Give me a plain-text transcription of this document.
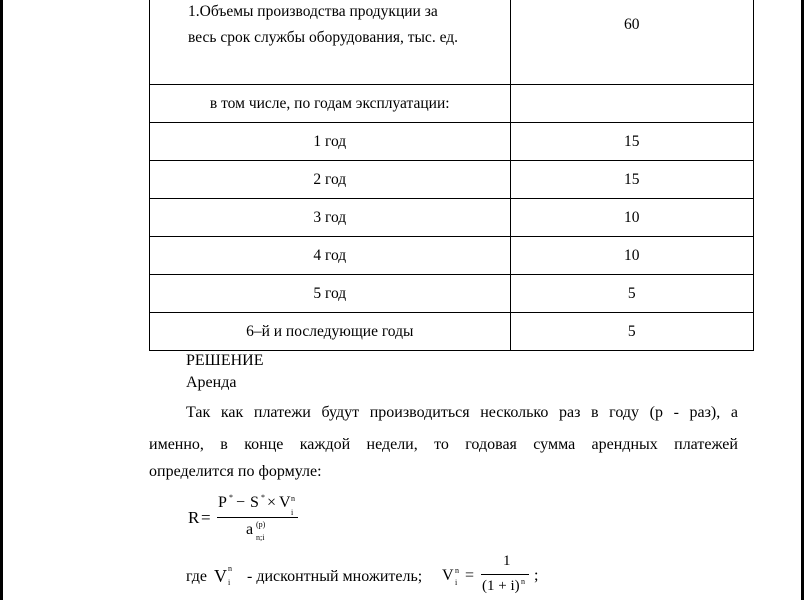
1.Объемы производства продукции за
весь срок службы оборудования, тыс. ед.	60
в том числе, по годам эксплуатации:	
1 год	15
2 год	15
3 год	10
4 год	10
5 год	5
6–й и последующие годы	5
РЕШЕНИЕ
Аренда
Так как платежи будут производиться несколько раз в году (р - раз), а
именно, в конце каждой недели, то годовая сумма арендных платежей
определится по формуле:
R =
P * − S * × V n
i
a (p)
n;i
где V n
i - дисконтный множитель; V n
i =
1
(1 + i) n ;
